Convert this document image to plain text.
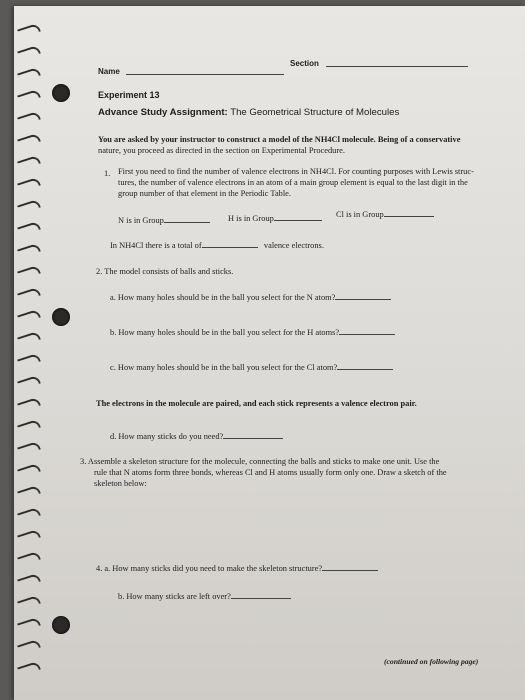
Name
Section
Experiment 13
Advance Study Assignment: The Geometrical Structure of Molecules
You are asked by your instructor to construct a model of the NH4Cl molecule. Being of a conservative
nature, you proceed as directed in the section on Experimental Procedure.
1. First you need to find the number of valence electrons in NH4Cl. For counting purposes with Lewis struc-
tures, the number of valence electrons in an atom of a main group element is equal to the last digit in the
group number of that element in the Periodic Table.
N is in Group	H is in Group	Cl is in Group
In NH4Cl there is a total of	valence electrons.
2. The model consists of balls and sticks.
a. How many holes should be in the ball you select for the N atom?
b. How many holes should be in the ball you select for the H atoms?
c. How many holes should be in the ball you select for the Cl atom?
The electrons in the molecule are paired, and each stick represents a valence electron pair.
d. How many sticks do you need?
3. Assemble a skeleton structure for the molecule, connecting the balls and sticks to make one unit. Use the
rule that N atoms form three bonds, whereas Cl and H atoms usually form only one. Draw a sketch of the
skeleton below:
4. a. How many sticks did you need to make the skeleton structure?
b. How many sticks are left over?
(continued on following page)
